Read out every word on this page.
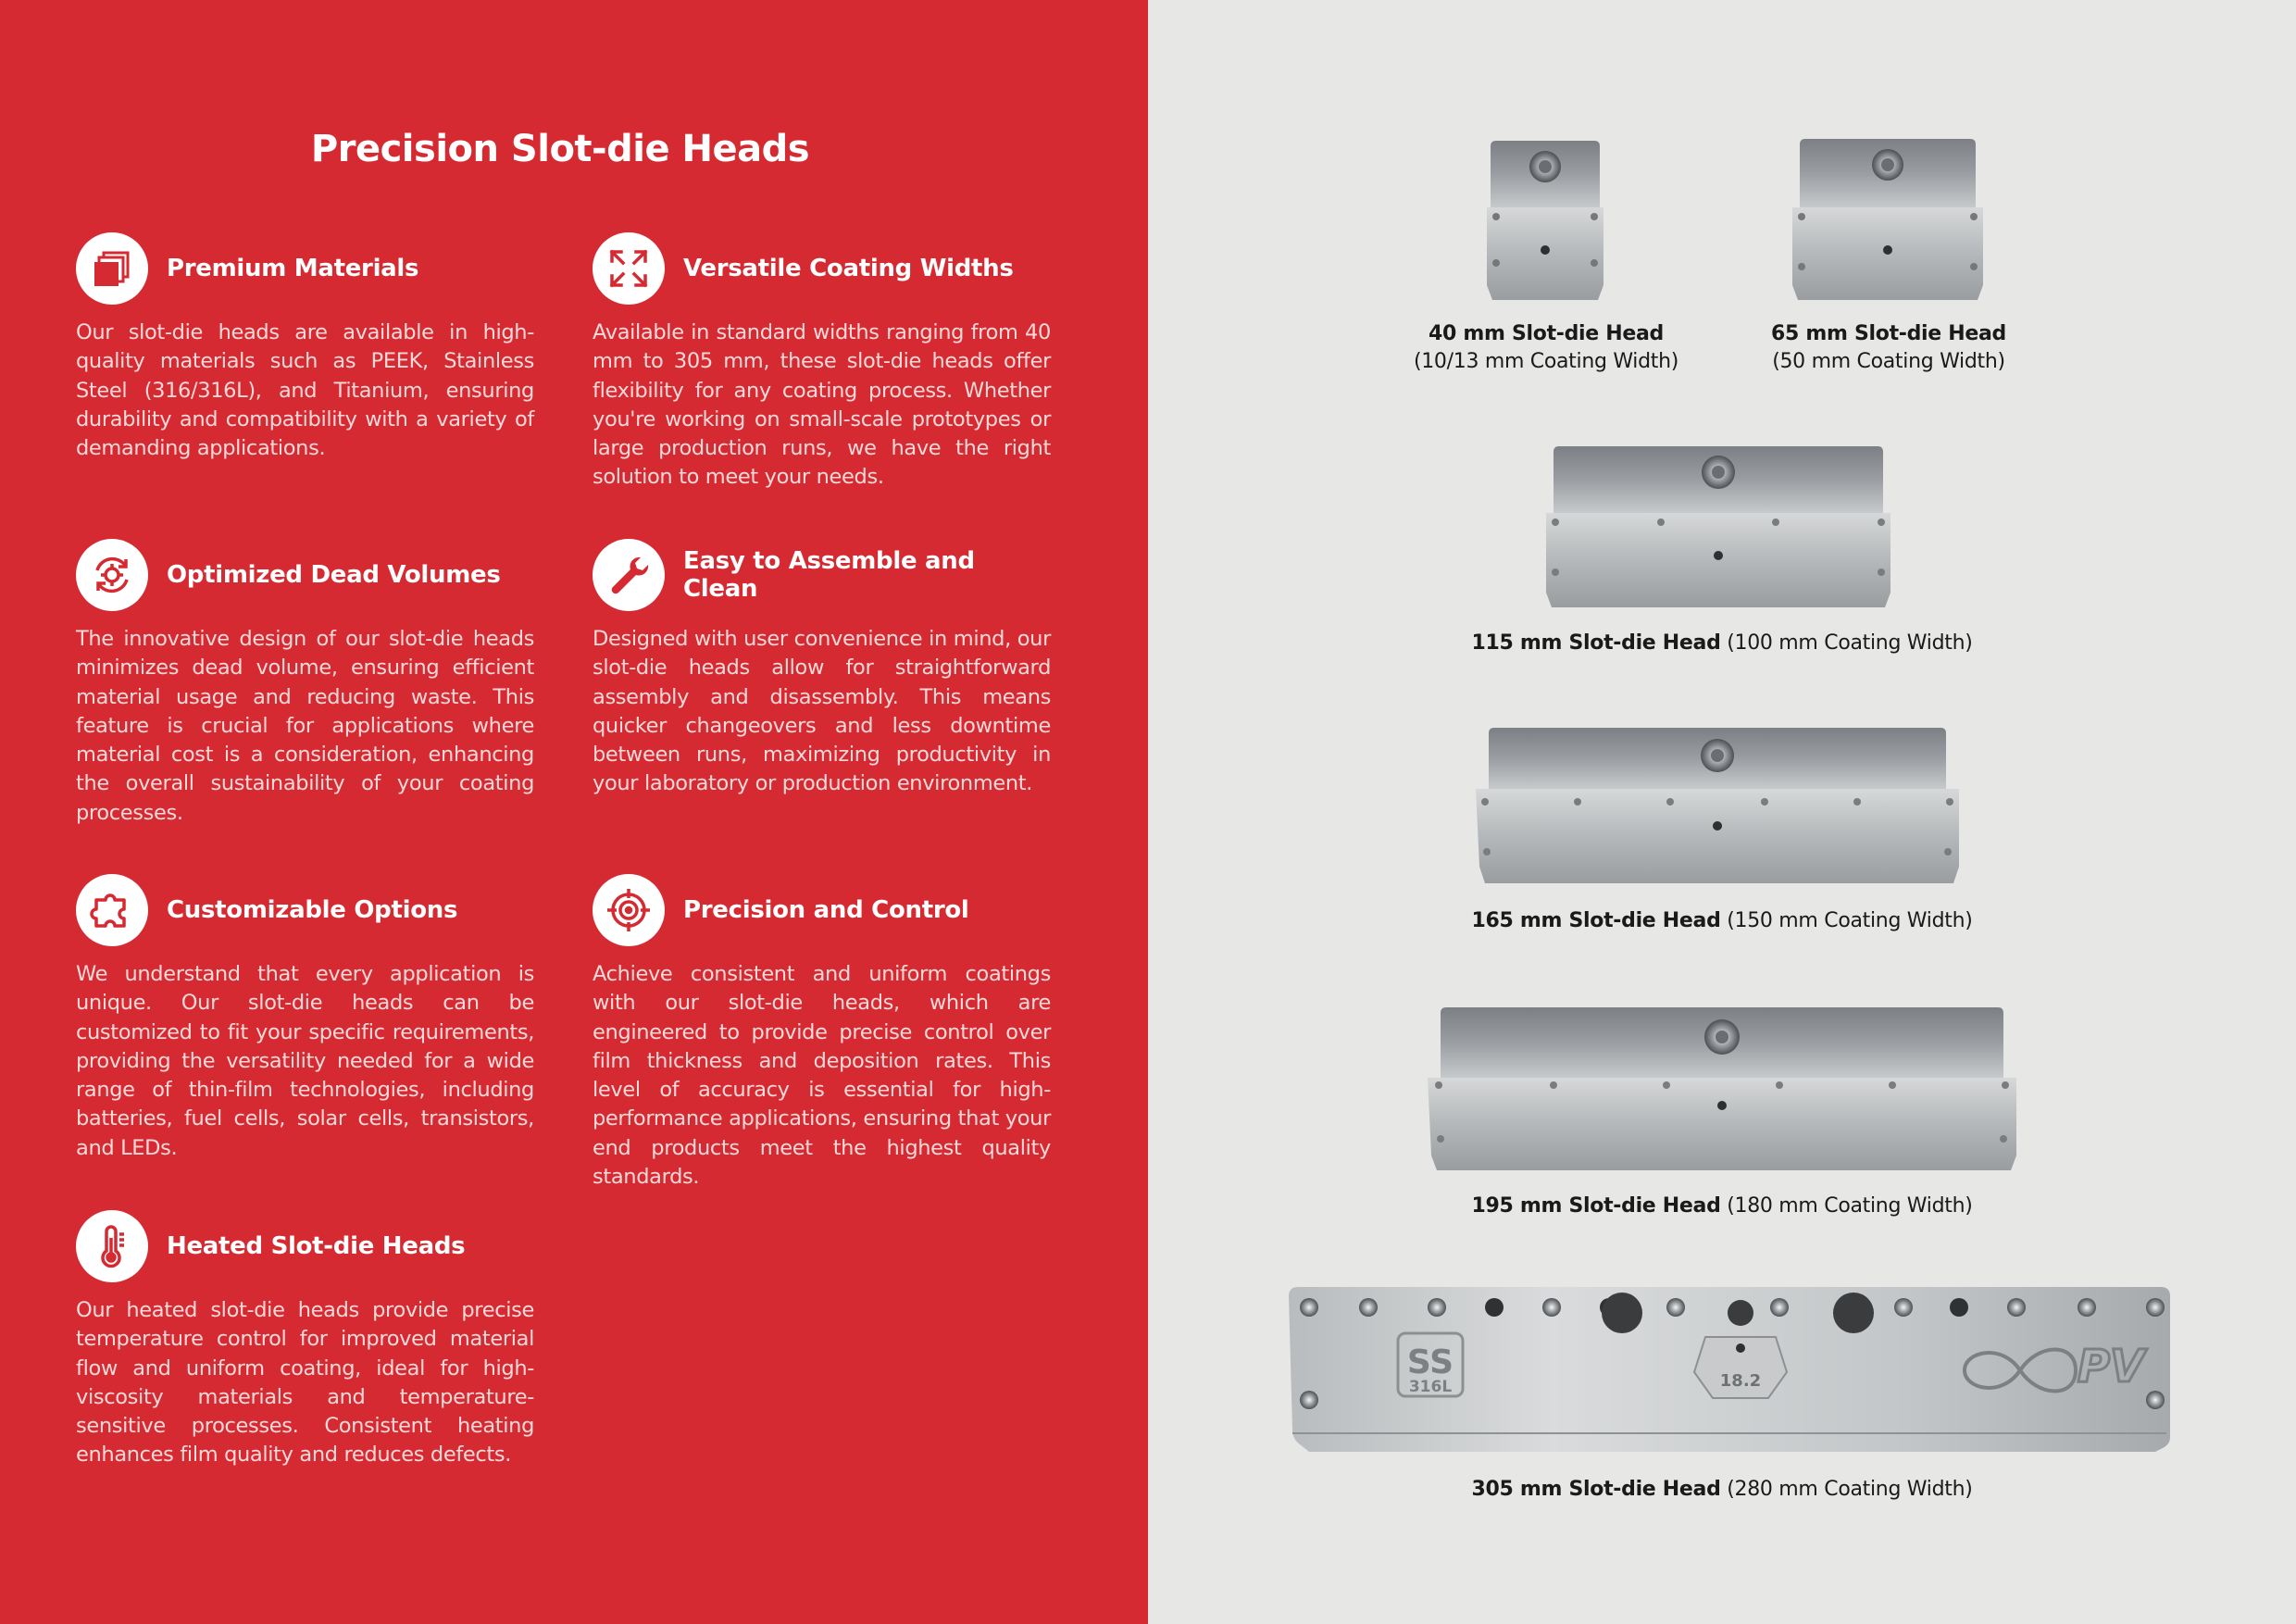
Precision Slot-die Heads
Premium Materials

Our slot-die heads are available in high-quality materials such as PEEK, Stainless Steel (316/316L), and Titanium, ensuring durability and compatibility with a variety of demanding applications.

Versatile Coating Widths

Available in standard widths ranging from 40 mm to 305 mm, these slot-die heads offer flexibility for any coating process. Whether you're working on small-scale prototypes or large production runs, we have the right solution to meet your needs.

Optimized Dead Volumes

The innovative design of our slot-die heads minimizes dead volume, ensuring efficient material usage and reducing waste. This feature is crucial for applications where material cost is a consideration, enhancing the overall sustainability of your coating processes.

Easy to Assemble and Clean

Designed with user convenience in mind, our slot-die heads allow for straightforward assembly and disassembly. This means quicker changeovers and less downtime between runs, maximizing productivity in your laboratory or production environment.

Customizable Options

We understand that every application is unique. Our slot-die heads can be customized to fit your specific requirements, providing the versatility needed for a wide range of thin-film technologies, including batteries, fuel cells, solar cells, transistors, and LEDs.

Precision and Control

Achieve consistent and uniform coatings with our slot-die heads, which are engineered to provide precise control over film thickness and deposition rates. This level of accuracy is essential for high-performance applications, ensuring that your end products meet the highest quality standards.

Heated Slot-die Heads

Our heated slot-die heads provide precise temperature control for improved material flow and uniform coating, ideal for high-viscosity materials and temperature-sensitive processes. Consistent heating enhances film quality and reduces defects.

40 mm Slot-die Head
(10/13 mm Coating Width)
65 mm Slot-die Head
(50 mm Coating Width)
115 mm Slot-die Head (100 mm Coating Width)
165 mm Slot-die Head (150 mm Coating Width)
195 mm Slot-die Head (180 mm Coating Width)
SS
316L	18.2	PV
305 mm Slot-die Head (280 mm Coating Width)
